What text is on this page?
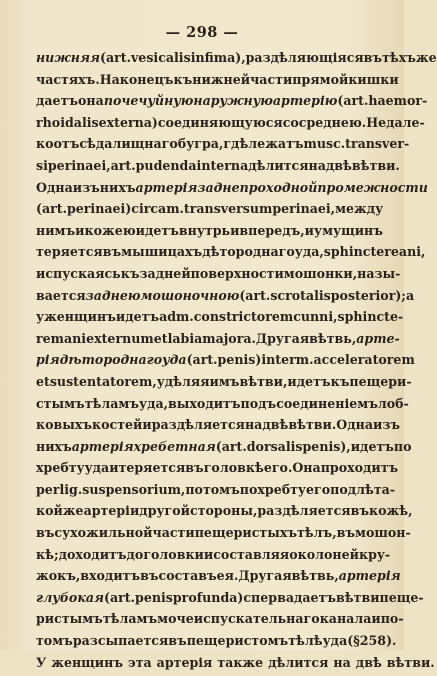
— 298 —
нижняя (art. vesicalis infima), раздѣляющіяся въ тѣхъ же
частяхъ. Наконецъ къ нижней части прямой кишки
даетъ она почечуйную наружную артерію (art. haemor-
rhoidalis externa) соединяющуюся со среднею. Недале-
ко отъ сѣдалищнаго бугра, гдѣ лежатъ musc. transver-
si perinaei, art. pudenda interna дѣлится на двѣ вѣтви.
Одна изъ нихъ артерія заднепроходной промежности
(art. perinaei) circa m. transversum perinaei, между
нимъ и кожею идетъ внутрь и впередъ, и у мущинъ
теряется въ мышицахъ дѣтороднаго уда, sphinctere ani,
и спускаясь къ задней поверхности мошонки, назы-
вается заднею мошоночною (art. scrotalis posterior); а
у женщинъ идетъ ad m. constrictorem cunni, sphincte-
rem ani externum et labia majora. Другая вѣтвь, арте-
рія дѣтороднаго уда (art. penis) inter m. acceleratorem
et sustentatorem, удѣляя имъ вѣтви, идетъ къ пещери-
стымъ тѣламъ уда, выходитъ подъ соединеніемъ лоб-
ковыхъ костей и раздѣляется на двѣ вѣтви. Одна изъ
нихъ артерія хребетная (art. dorsalis penis), идетъ по
хребту уда и теряется въ головкѣ его. Она проходитъ
per lig. suspensorium, потомъ по хребту его подлѣ та-
кой же артеріи другой стороны, раздѣляется въ кожѣ,
въ сухожильной части пещеристыхъ тѣлъ, въ мошон-
кѣ; доходитъ до головки и составляя около ней кру-
жокъ, входитъ въ составъ ея. Другая вѣтвь, артерія
глубокая (art. penis profunda) сперва даетъ вѣтви пеще-
ристымъ тѣламъ мочеиспускательнаго канала и по-
томъ разсыпается въ пещеристомъ тѣлѣ уда (§ 258).
У женщинъ эта артерія также дѣлится на двѣ вѣтви.
